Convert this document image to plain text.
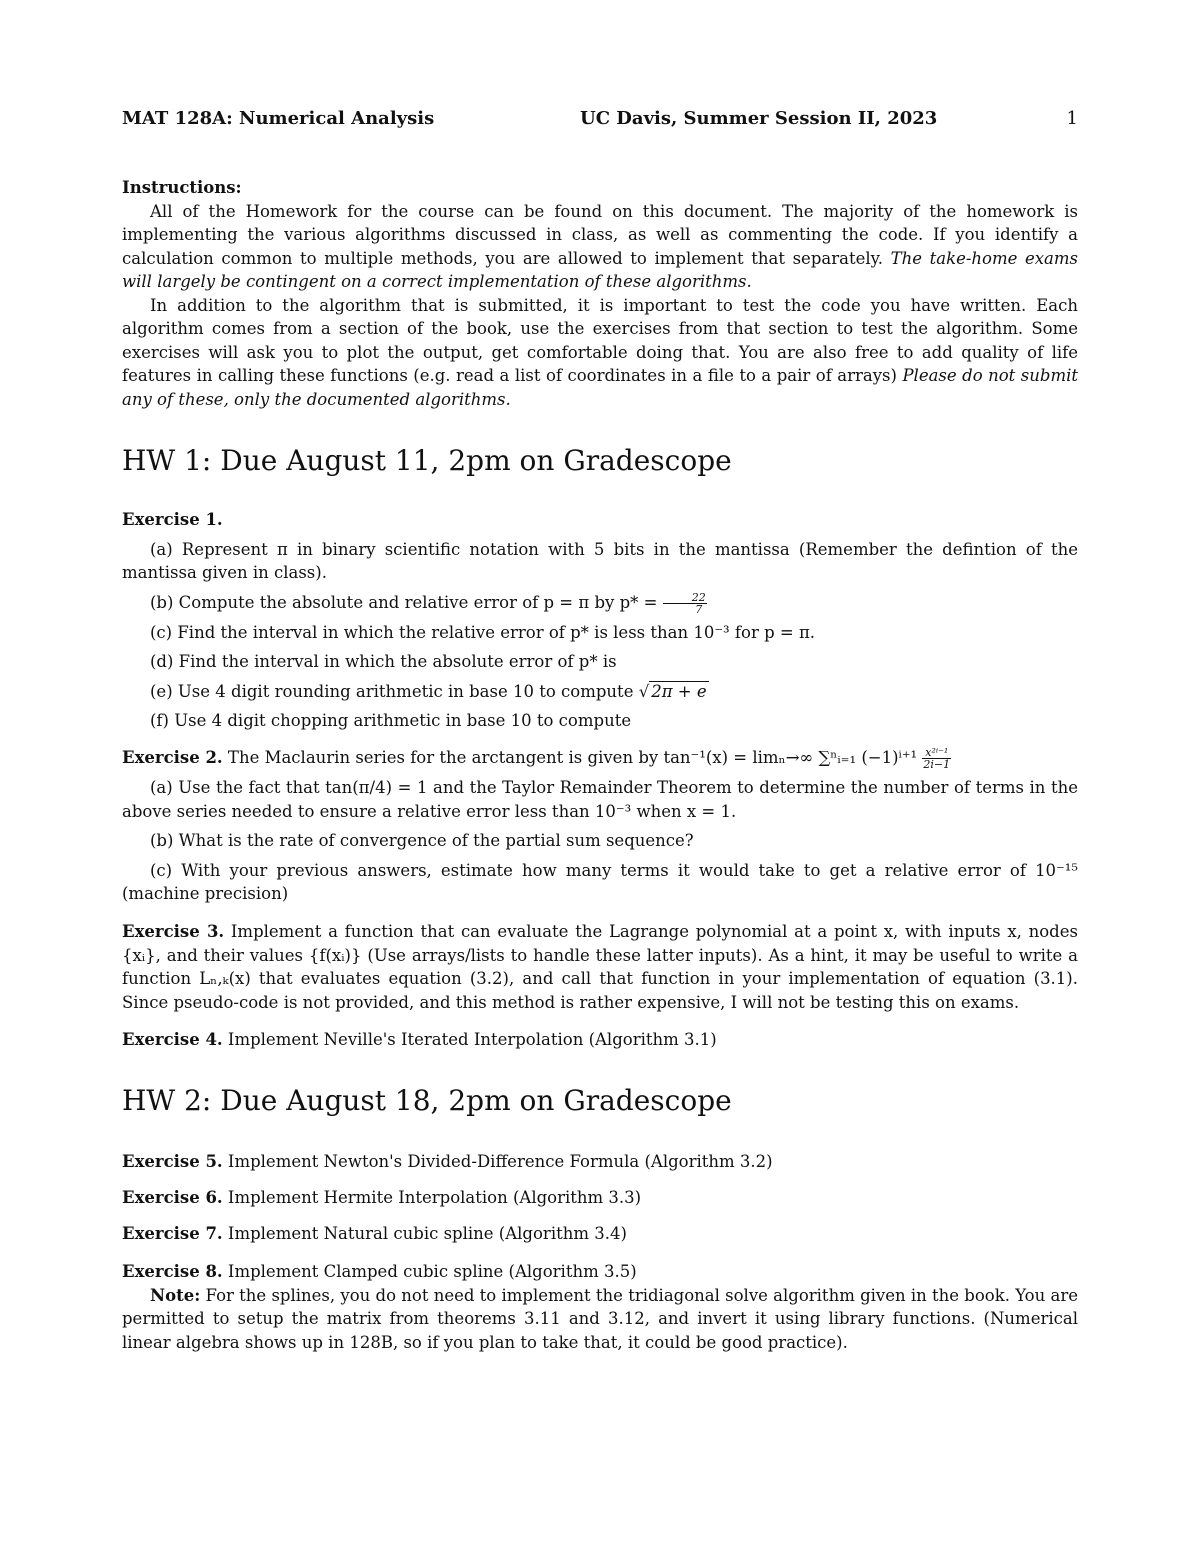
MAT 128A: Numerical Analysis	UC Davis, Summer Session II, 2023	1

Instructions:

All of the Homework for the course can be found on this document. The majority of the homework is implementing the various algorithms discussed in class, as well as commenting the code. If you identify a calculation common to multiple methods, you are allowed to implement that separately. The take-home exams will largely be contingent on a correct implementation of these algorithms.

In addition to the algorithm that is submitted, it is important to test the code you have written. Each algorithm comes from a section of the book, use the exercises from that section to test the algorithm. Some exercises will ask you to plot the output, get comfortable doing that. You are also free to add quality of life features in calling these functions (e.g. read a list of coordinates in a file to a pair of arrays) Please do not submit any of these, only the documented algorithms.

HW 1: Due August 11, 2pm on Gradescope

Exercise 1.

(a) Represent π in binary scientific notation with 5 bits in the mantissa (Remember the defintion of the mantissa given in class).

(b) Compute the absolute and relative error of p = π by $p* = \frac{22}{7}$

(c) Find the interval in which the relative error of p* is less than 10⁻³ for p = π.

(d) Find the interval in which the absolute error of p* is

(e) Use 4 digit rounding arithmetic in base 10 to compute √ 2π + e

(f) Use 4 digit chopping arithmetic in base 10 to compute

Exercise 2. The Maclaurin series for the arctangent is given by tan⁻¹(x) = limₙ→∞ ∑ⁿᵢ₌₁ $(-1)^{i+1} \frac{\text{x²ⁱ⁻¹}}{2i-1}$

(a) Use the fact that tan(π/4) = 1 and the Taylor Remainder Theorem to determine the number of terms in the above series needed to ensure a relative error less than 10⁻³ when x = 1.

(b) What is the rate of convergence of the partial sum sequence?

(c) With your previous answers, estimate how many terms it would take to get a relative error of 10⁻¹⁵ (machine precision)

Exercise 3. Implement a function that can evaluate the Lagrange polynomial at a point x, with inputs x, nodes {xᵢ}, and their values {f(xᵢ)} (Use arrays/lists to handle these latter inputs). As a hint, it may be useful to write a function Lₙ,ₖ(x) that evaluates equation (3.2), and call that function in your implementation of equation (3.1). Since pseudo-code is not provided, and this method is rather expensive, I will not be testing this on exams.

Exercise 4. Implement Neville's Iterated Interpolation (Algorithm 3.1)

HW 2: Due August 18, 2pm on Gradescope

Exercise 5. Implement Newton's Divided-Difference Formula (Algorithm 3.2)

Exercise 6. Implement Hermite Interpolation (Algorithm 3.3)

Exercise 7. Implement Natural cubic spline (Algorithm 3.4)

Exercise 8. Implement Clamped cubic spline (Algorithm 3.5)

Note: For the splines, you do not need to implement the tridiagonal solve algorithm given in the book. You are permitted to setup the matrix from theorems 3.11 and 3.12, and invert it using library functions. (Numerical linear algebra shows up in 128B, so if you plan to take that, it could be good practice).
